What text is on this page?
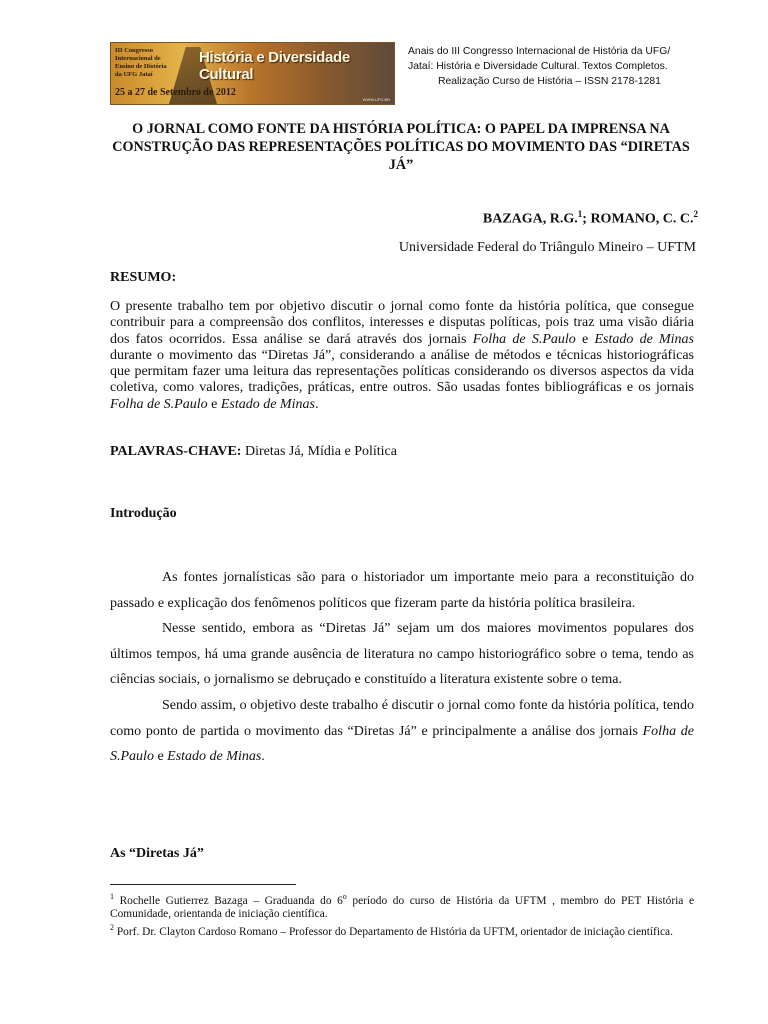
III Congresso Internacional de Ensino de História da UFG Jataí
História e Diversidade Cultural
25 a 27 de Setembro de 2012
WWW.UFG.BR
Anais do III Congresso Internacional de História da UFG/
Jataí: História e Diversidade Cultural. Textos Completos.
Realização Curso de História – ISSN 2178-1281
O JORNAL COMO FONTE DA HISTÓRIA POLÍTICA: O PAPEL DA IMPRENSA NA CONSTRUÇÃO DAS REPRESENTAÇÕES POLÍTICAS DO MOVIMENTO DAS “DIRETAS JÁ”
BAZAGA, R.G.$^1$; ROMANO, C. C.$^2$
Universidade Federal do Triângulo Mineiro – UFTM
RESUMO:
O presente trabalho tem por objetivo discutir o jornal como fonte da história política, que consegue contribuir para a compreensão dos conflitos, interesses e disputas políticas, pois traz uma visão diária dos fatos ocorridos. Essa análise se dará através dos jornais Folha de S.Paulo e Estado de Minas durante o movimento das “Diretas Já”, considerando a análise de métodos e técnicas historiográficas que permitam fazer uma leitura das representações políticas considerando os diversos aspectos da vida coletiva, como valores, tradições, práticas, entre outros. São usadas fontes bibliográficas e os jornais Folha de S.Paulo e Estado de Minas.
PALAVRAS-CHAVE: Diretas Já, Mídia e Política
Introdução

As fontes jornalísticas são para o historiador um importante meio para a reconstituição do passado e explicação dos fenômenos políticos que fizeram parte da história política brasileira.

Nesse sentido, embora as “Diretas Já” sejam um dos maiores movimentos populares dos últimos tempos, há uma grande ausência de literatura no campo historiográfico sobre o tema, tendo as ciências sociais, o jornalismo se debruçado e constituído a literatura existente sobre o tema.

Sendo assim, o objetivo deste trabalho é discutir o jornal como fonte da história política, tendo como ponto de partida o movimento das “Diretas Já” e principalmente a análise dos jornais Folha de S.Paulo e Estado de Minas.

As “Diretas Já”

$^1$ Rochelle Gutierrez Bazaga – Graduanda do 6$^o$ período do curso de História da UFTM , membro do PET História e Comunidade, orientanda de iniciação científica.

$^2$ Porf. Dr. Clayton Cardoso Romano – Professor do Departamento de História da UFTM, orientador de iniciação científica.
